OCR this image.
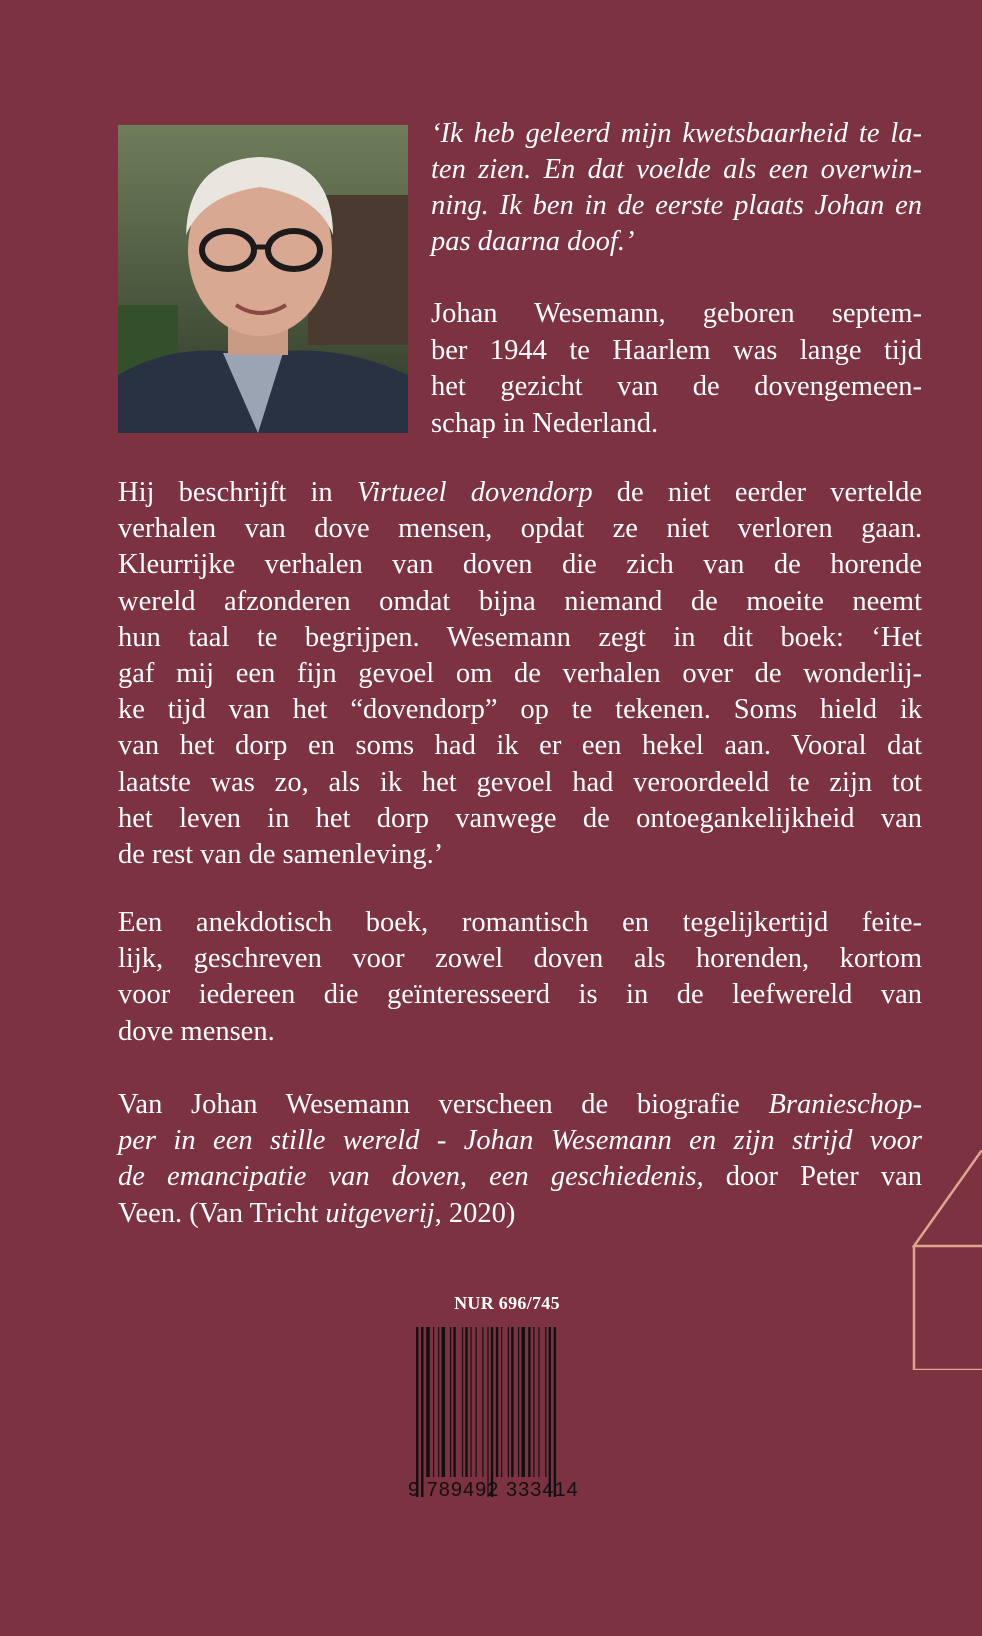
‘Ik heb geleerd mijn kwetsbaarheid te la-
ten zien. En dat voelde als een overwin-
ning. Ik ben in de eerste plaats Johan en
pas daarna doof.’
Johan Wesemann, geboren septem-
ber 1944 te Haarlem was lange tijd
het gezicht van de dovengemeen-
schap in Nederland.
Hij beschrijft in Virtueel dovendorp de niet eerder vertelde
verhalen van dove mensen, opdat ze niet verloren gaan.
Kleurrijke verhalen van doven die zich van de horende
wereld afzonderen omdat bijna niemand de moeite neemt
hun taal te begrijpen. Wesemann zegt in dit boek: ‘Het
gaf mij een fijn gevoel om de verhalen over de wonderlij-
ke tijd van het “dovendorp” op te tekenen. Soms hield ik
van het dorp en soms had ik er een hekel aan. Vooral dat
laatste was zo, als ik het gevoel had veroordeeld te zijn tot
het leven in het dorp vanwege de ontoegankelijkheid van
de rest van de samenleving.’
Een anekdotisch boek, romantisch en tegelijkertijd feite-
lijk, geschreven voor zowel doven als horenden, kortom
voor iedereen die geïnteresseerd is in de leefwereld van
dove mensen.
Van Johan Wesemann verscheen de biografie Branieschop-
per in een stille wereld - Johan Wesemann en zijn strijd voor
de emancipatie van doven, een geschiedenis, door Peter van
Veen. (Van Tricht uitgeverij, 2020)
NUR 696/745
9 789492 333414
